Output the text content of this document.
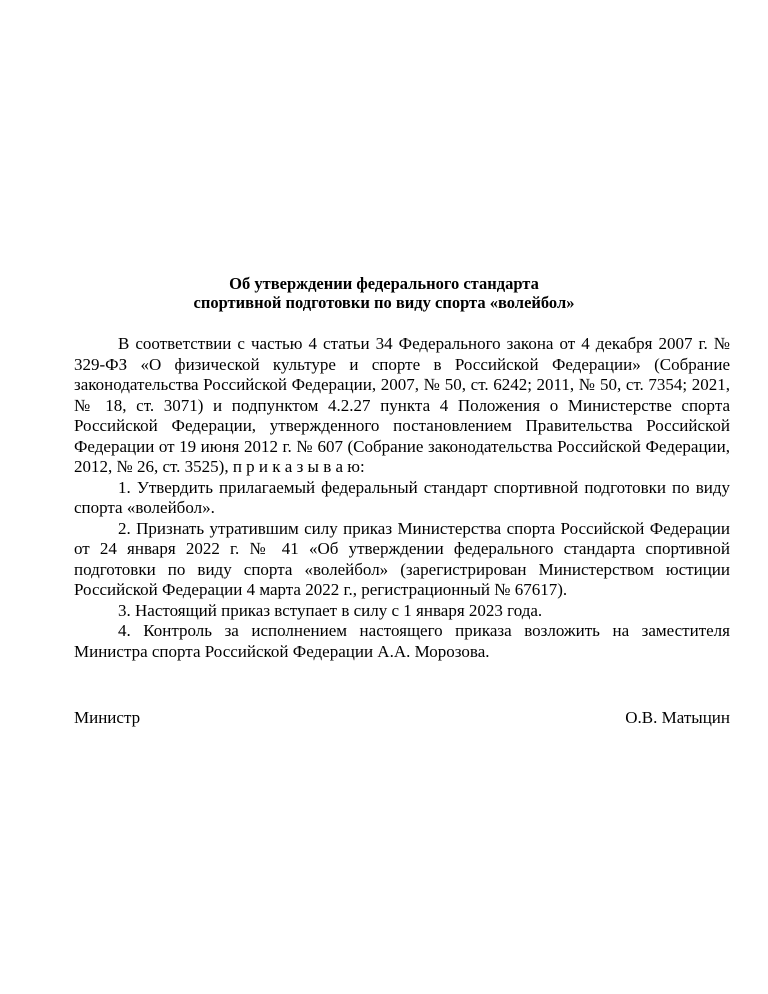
Об утверждении федерального стандарта
спортивной подготовки по виду спорта «волейбол»

В соответствии с частью 4 статьи 34 Федерального закона от 4 декабря 2007 г. № 329-ФЗ «О физической культуре и спорте в Российской Федерации» (Собрание законодательства Российской Федерации, 2007, № 50, ст. 6242; 2011, № 50, ст. 7354; 2021, № 18, ст. 3071) и подпунктом 4.2.27 пункта 4 Положения о Министерстве спорта Российской Федерации, утвержденного постановлением Правительства Российской Федерации от 19 июня 2012 г. № 607 (Собрание законодательства Российской Федерации, 2012, № 26, ст. 3525), п р и к а з ы в а ю:

1. Утвердить прилагаемый федеральный стандарт спортивной подготовки по виду спорта «волейбол».

2. Признать утратившим силу приказ Министерства спорта Российской Федерации от 24 января 2022 г. № 41 «Об утверждении федерального стандарта спортивной подготовки по виду спорта «волейбол» (зарегистрирован Министерством юстиции Российской Федерации 4 марта 2022 г., регистрационный № 67617).

3. Настоящий приказ вступает в силу с 1 января 2023 года.

4. Контроль за исполнением настоящего приказа возложить на заместителя Министра спорта Российской Федерации А.А. Морозова.

Министр	О.В. Матыцин
